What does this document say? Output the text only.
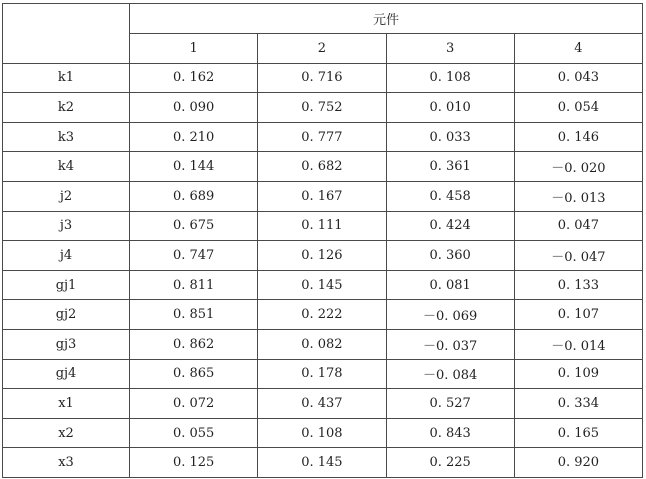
	元件			
	1	2	3	4
k1	0. 162	0. 716	0. 108	0. 043
k2	0. 090	0. 752	0. 010	0. 054
k3	0. 210	0. 777	0. 033	0. 146
k4	0. 144	0. 682	0. 361	－0. 020
j2	0. 689	0. 167	0. 458	－0. 013
j3	0. 675	0. 111	0. 424	0. 047
j4	0. 747	0. 126	0. 360	－0. 047
gj1	0. 811	0. 145	0. 081	0. 133
gj2	0. 851	0. 222	－0. 069	0. 107
gj3	0. 862	0. 082	－0. 037	－0. 014
gj4	0. 865	0. 178	－0. 084	0. 109
x1	0. 072	0. 437	0. 527	0. 334
x2	0. 055	0. 108	0. 843	0. 165
x3	0. 125	0. 145	0. 225	0. 920
